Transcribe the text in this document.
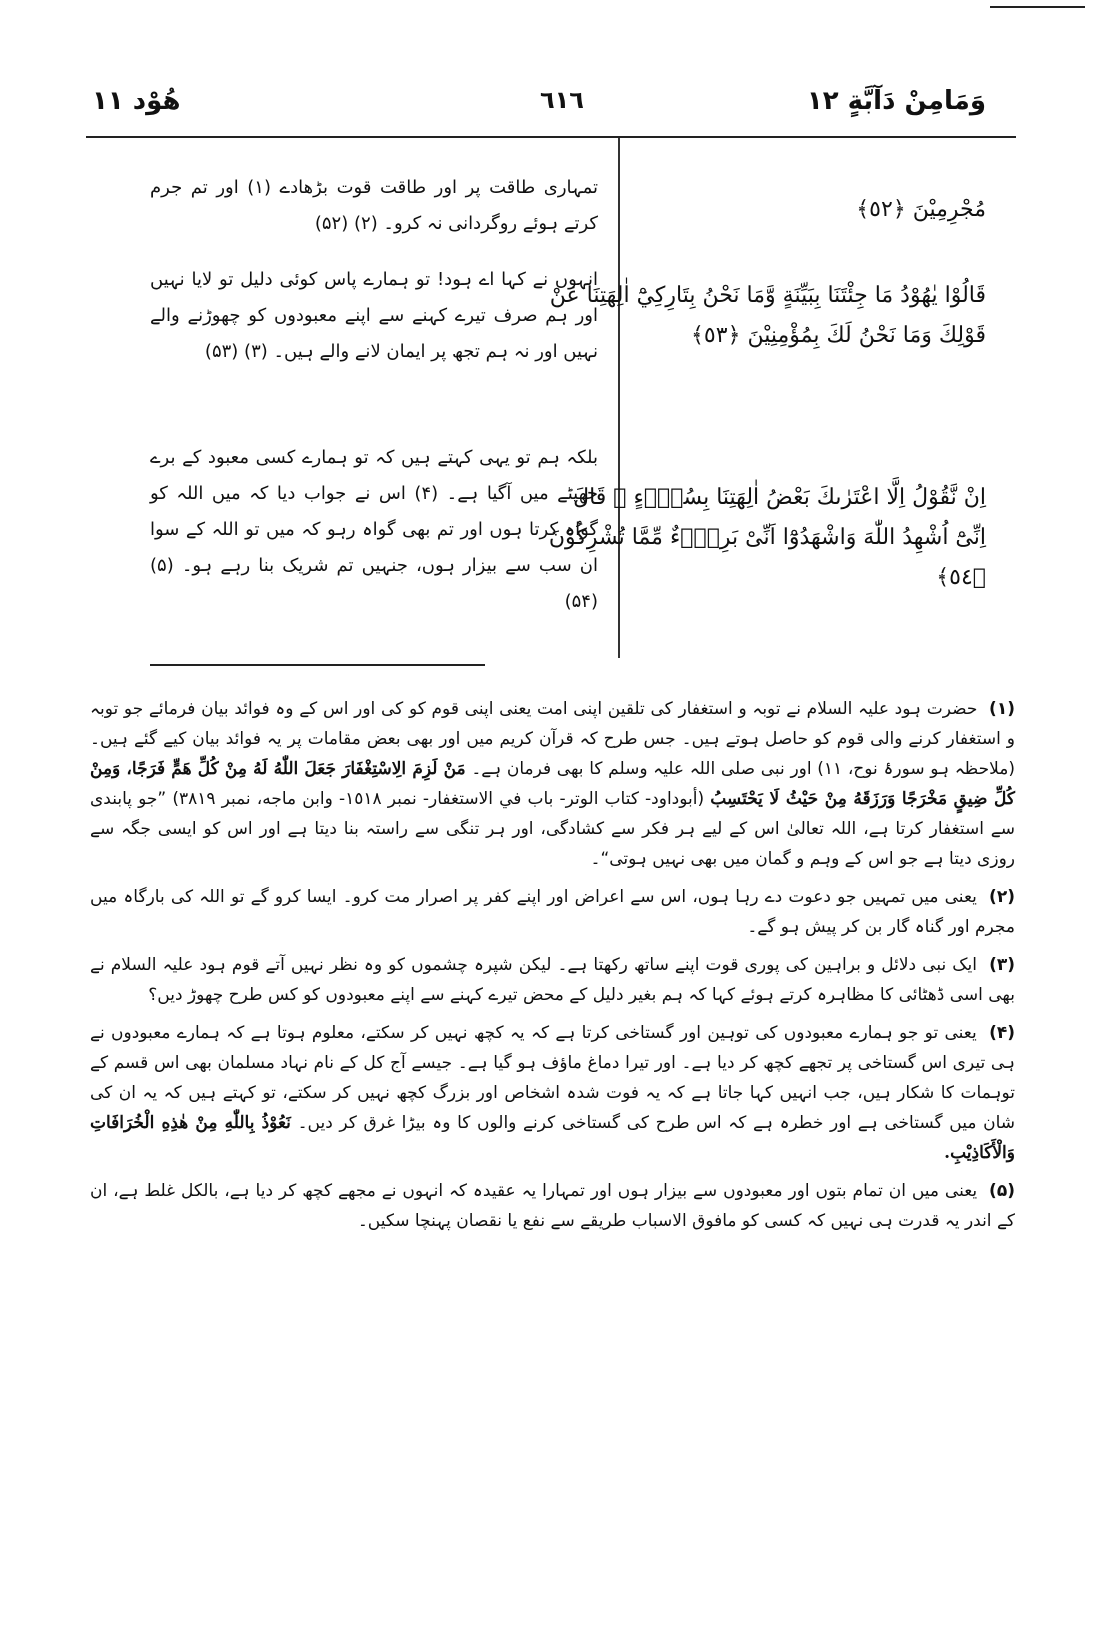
وَمَامِنْ دَآبَّةٍ ١٢
٦١٦
هُوْد ١١
مُجْرِمِيْنَ ﴿٥٢﴾
قَالُوْا يٰهُوْدُ مَا جِئْتَنَا بِبَيِّنَةٍ وَّمَا نَحْنُ بِتَارِكِيْٓ اٰلِهَتِنَا عَنْ قَوْلِكَ وَمَا نَحْنُ لَكَ بِمُؤْمِنِيْنَ ﴿٥٣﴾
اِنْ نَّقُوْلُ اِلَّا اعْتَرٰىكَ بَعْضُ اٰلِهَتِنَا بِسُوْۗءٍ ۭ قَالَ اِنِّىْٓ اُشْهِدُ اللّٰهَ وَاشْهَدُوْٓا اَنِّىْ بَرِيْۗءٌ مِّمَّا تُشْرِكُوْنَ ﴿٥٤﴾
تمہاری طاقت پر اور طاقت قوت بڑھادے (۱) اور تم جرم کرتے ہوئے روگردانی نہ کرو۔ (۲) (۵۲)
انہوں نے کہا اے ہود! تو ہمارے پاس کوئی دلیل تو لایا نہیں اور ہم صرف تیرے کہنے سے اپنے معبودوں کو چھوڑنے والے نہیں اور نہ ہم تجھ پر ایمان لانے والے ہیں۔ (۳) (۵۳)
بلکہ ہم تو یہی کہتے ہیں کہ تو ہمارے کسی معبود کے برے جھپٹے میں آگیا ہے۔ (۴) اس نے جواب دیا کہ میں اللہ کو گواہ کرتا ہوں اور تم بھی گواہ رہو کہ میں تو اللہ کے سوا ان سب سے بیزار ہوں، جنہیں تم شریک بنا رہے ہو۔ (۵) (۵۴)

(۱) حضرت ہود علیہ السلام نے توبہ و استغفار کی تلقین اپنی امت یعنی اپنی قوم کو کی اور اس کے وہ فوائد بیان فرمائے جو توبہ و استغفار کرنے والی قوم کو حاصل ہوتے ہیں۔ جس طرح کہ قرآن کریم میں اور بھی بعض مقامات پر یہ فوائد بیان کیے گئے ہیں۔ (ملاحظہ ہو سورۂ نوح، ۱۱) اور نبی صلی اللہ علیہ وسلم کا بھی فرمان ہے۔ مَنْ لَزِمَ الِاسْتِغْفَارَ جَعَلَ اللّٰهُ لَهُ مِنْ كُلِّ هَمٍّ فَرَجًا، وَمِنْ كُلِّ ضِيقٍ مَخْرَجًا وَرَزَقَهُ مِنْ حَيْثُ لَا يَحْتَسِبُ (أبوداود- كتاب الوتر- باب في الاستغفار- نمبر ١٥١٨- وابن ماجه، نمبر ٣٨١٩) ”جو پابندی سے استغفار کرتا ہے، اللہ تعالیٰ اس کے لیے ہر فکر سے کشادگی، اور ہر تنگی سے راستہ بنا دیتا ہے اور اس کو ایسی جگہ سے روزی دیتا ہے جو اس کے وہم و گمان میں بھی نہیں ہوتی“۔

(۲) یعنی میں تمہیں جو دعوت دے رہا ہوں، اس سے اعراض اور اپنے کفر پر اصرار مت کرو۔ ایسا کرو گے تو اللہ کی بارگاہ میں مجرم اور گناہ گار بن کر پیش ہو گے۔

(۳) ایک نبی دلائل و براہین کی پوری قوت اپنے ساتھ رکھتا ہے۔ لیکن شپرہ چشموں کو وہ نظر نہیں آتے قوم ہود علیہ السلام نے بھی اسی ڈھٹائی کا مظاہرہ کرتے ہوئے کہا کہ ہم بغیر دلیل کے محض تیرے کہنے سے اپنے معبودوں کو کس طرح چھوڑ دیں؟

(۴) یعنی تو جو ہمارے معبودوں کی توہین اور گستاخی کرتا ہے کہ یہ کچھ نہیں کر سکتے، معلوم ہوتا ہے کہ ہمارے معبودوں نے ہی تیری اس گستاخی پر تجھے کچھ کر دیا ہے۔ اور تیرا دماغ ماؤف ہو گیا ہے۔ جیسے آج کل کے نام نہاد مسلمان بھی اس قسم کے توہمات کا شکار ہیں، جب انہیں کہا جاتا ہے کہ یہ فوت شدہ اشخاص اور بزرگ کچھ نہیں کر سکتے، تو کہتے ہیں کہ یہ ان کی شان میں گستاخی ہے اور خطرہ ہے کہ اس طرح کی گستاخی کرنے والوں کا وہ بیڑا غرق کر دیں۔ نَعُوْذُ بِاللّٰهِ مِنْ هٰذِهِ الْخُرَافَاتِ وَالْأَكَاذِيْبِ.

(۵) یعنی میں ان تمام بتوں اور معبودوں سے بیزار ہوں اور تمہارا یہ عقیدہ کہ انہوں نے مجھے کچھ کر دیا ہے، بالکل غلط ہے، ان کے اندر یہ قدرت ہی نہیں کہ کسی کو مافوق الاسباب طریقے سے نفع یا نقصان پہنچا سکیں۔
